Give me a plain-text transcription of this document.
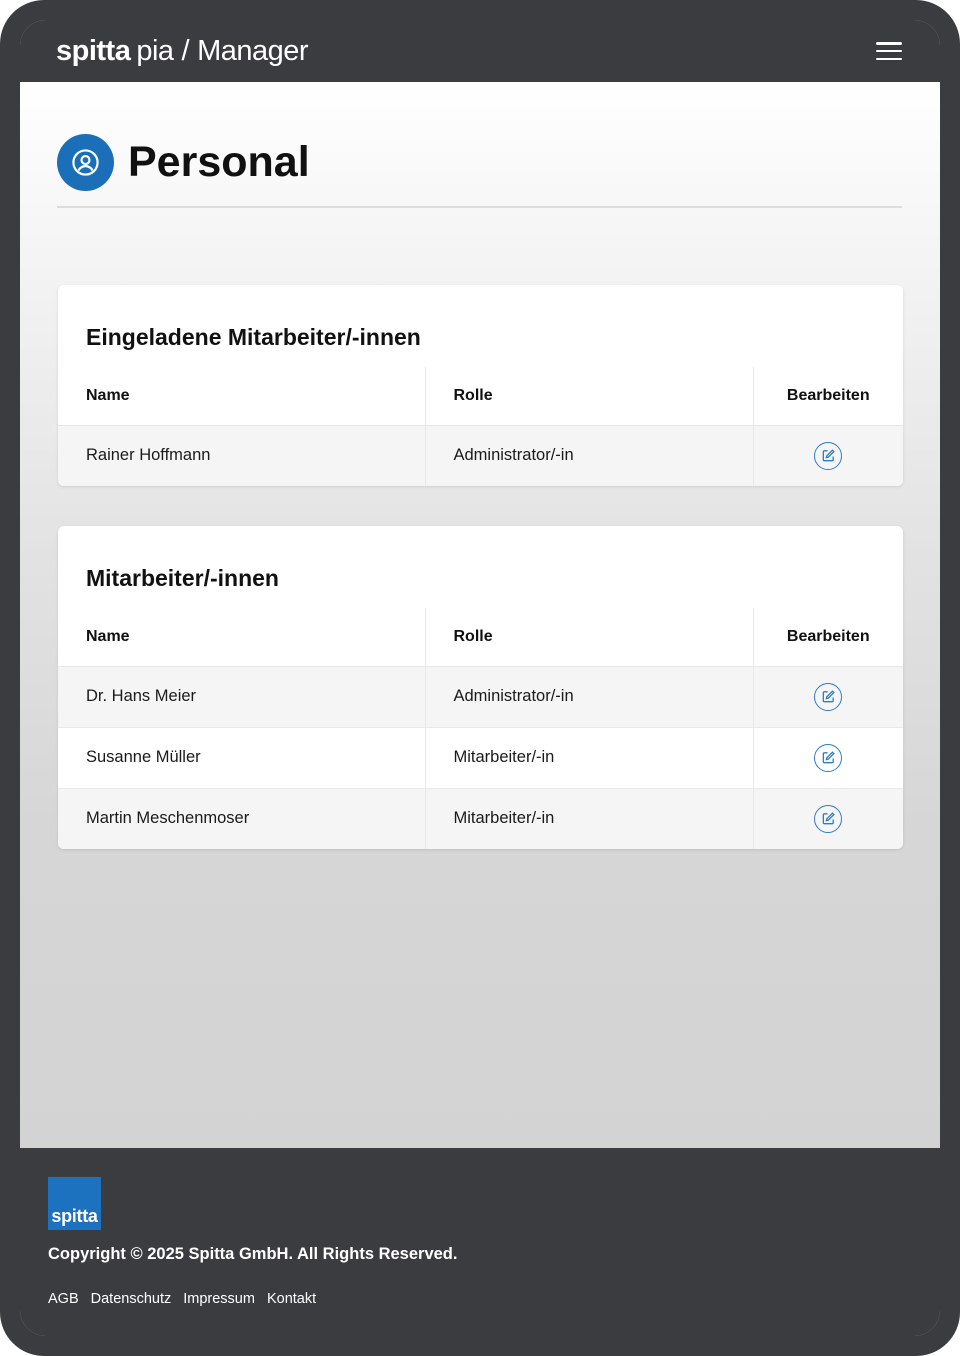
spitta pia / Manager
Personal
Eingeladene Mitarbeiter/-innen
Name	Rolle	Bearbeiten
Rainer Hoffmann	Administrator/-in	
Mitarbeiter/-innen
Name	Rolle	Bearbeiten
Dr. Hans Meier	Administrator/-in	

Susanne Müller	Mitarbeiter/-in	

Martin Meschenmoser	Mitarbeiter/-in	
spitta

Copyright © 2025 Spitta GmbH. All Rights Reserved.

AGB Datenschutz Impressum Kontakt
